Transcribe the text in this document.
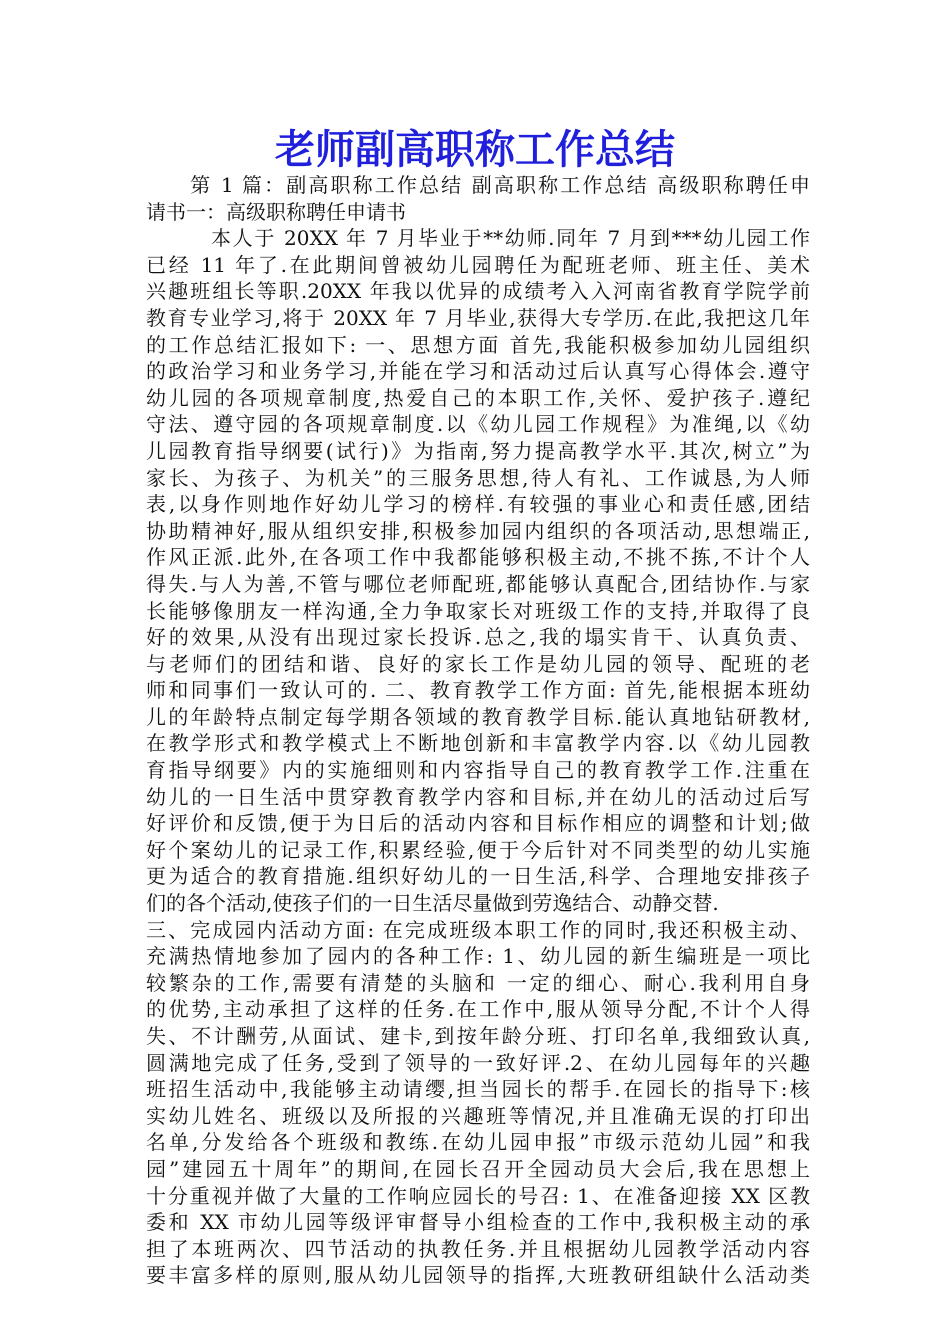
老师副高职称工作总结
　　第 1 篇：副高职称工作总结 副高职称工作总结 高级职称聘任申
请书一：高级职称聘任申请书
　　　本人于 20XX 年 7 月毕业于**幼师.同年 7 月到***幼儿园工作
已经 11 年了.在此期间曾被幼儿园聘任为配班老师、班主任、美术
兴趣班组长等职.20XX 年我以优异的成绩考入入河南省教育学院学前
教育专业学习,将于 20XX 年 7 月毕业,获得大专学历.在此,我把这几年
的工作总结汇报如下: 一、思想方面 首先,我能积极参加幼儿园组织
的政治学习和业务学习,并能在学习和活动过后认真写心得体会.遵守
幼儿园的各项规章制度,热爱自己的本职工作,关怀、爱护孩子.遵纪
守法、遵守园的各项规章制度.以《幼儿园工作规程》为准绳,以《幼
儿园教育指导纲要(试行)》为指南,努力提高教学水平.其次,树立”为
家长、为孩子、为机关”的三服务思想,待人有礼、工作诚恳,为人师
表,以身作则地作好幼儿学习的榜样.有较强的事业心和责任感,团结
协助精神好,服从组织安排,积极参加园内组织的各项活动,思想端正,
作风正派.此外,在各项工作中我都能够积极主动,不挑不拣,不计个人
得失.与人为善,不管与哪位老师配班,都能够认真配合,团结协作.与家
长能够像朋友一样沟通,全力争取家长对班级工作的支持,并取得了良
好的效果,从没有出现过家长投诉.总之,我的塌实肯干、认真负责、
与老师们的团结和谐、良好的家长工作是幼儿园的领导、配班的老
师和同事们一致认可的. 二、教育教学工作方面: 首先,能根据本班幼
儿的年龄特点制定每学期各领域的教育教学目标.能认真地钻研教材,
在教学形式和教学模式上不断地创新和丰富教学内容.以《幼儿园教
育指导纲要》内的实施细则和内容指导自己的教育教学工作.注重在
幼儿的一日生活中贯穿教育教学内容和目标,并在幼儿的活动过后写
好评价和反馈,便于为日后的活动内容和目标作相应的调整和计划;做
好个案幼儿的记录工作,积累经验,便于今后针对不同类型的幼儿实施
更为适合的教育措施.组织好幼儿的一日生活,科学、合理地安排孩子
们的各个活动,使孩子们的一日生活尽量做到劳逸结合、动静交替.
三、完成园内活动方面: 在完成班级本职工作的同时,我还积极主动、
充满热情地参加了园内的各种工作: 1、幼儿园的新生编班是一项比
较繁杂的工作,需要有清楚的头脑和 一定的细心、耐心.我利用自身
的优势,主动承担了这样的任务.在工作中,服从领导分配,不计个人得
失、不计酬劳,从面试、建卡,到按年龄分班、打印名单,我细致认真,
圆满地完成了任务,受到了领导的一致好评.2、在幼儿园每年的兴趣
班招生活动中,我能够主动请缨,担当园长的帮手.在园长的指导下:核
实幼儿姓名、班级以及所报的兴趣班等情况,并且准确无误的打印出
名单,分发给各个班级和教练.在幼儿园申报”市级示范幼儿园”和我
园”建园五十周年”的期间,在园长召开全园动员大会后,我在思想上
十分重视并做了大量的工作响应园长的号召: 1、在准备迎接 XX 区教
委和 XX 市幼儿园等级评审督导小组检查的工作中,我积极主动的承
担了本班两次、四节活动的执教任务.并且根据幼儿园教学活动内容
要丰富多样的原则,服从幼儿园领导的指挥,大班教研组缺什么活动类
